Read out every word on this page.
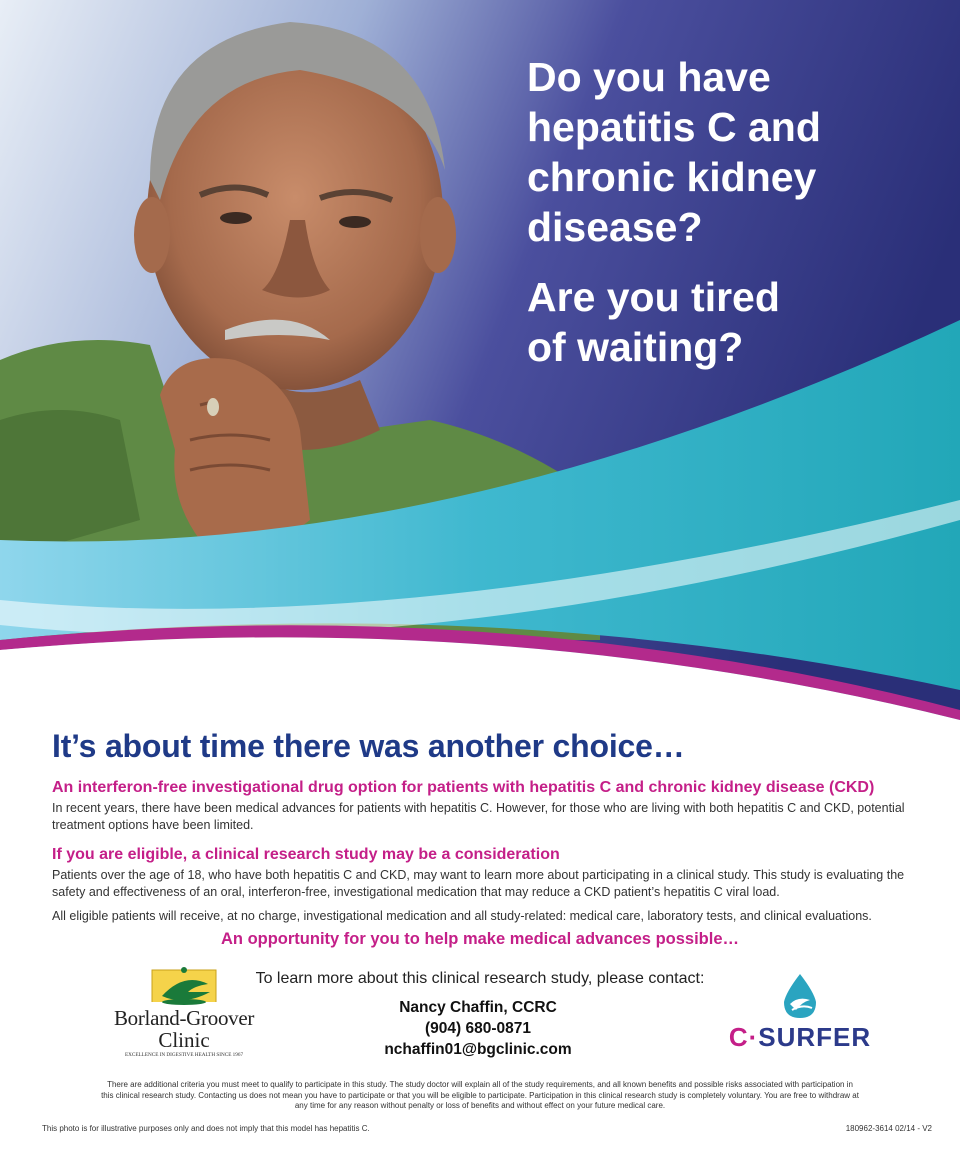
Do you have
hepatitis C and
chronic kidney
disease?

Are you tired
of waiting?

It’s about time there was another choice…

An interferon-free investigational drug option for patients with hepatitis C and chronic kidney disease (CKD)

In recent years, there have been medical advances for patients with hepatitis C. However, for those who are living with both hepatitis C and CKD, potential treatment options have been limited.

If you are eligible, a clinical research study may be a consideration

Patients over the age of 18, who have both hepatitis C and CKD, may want to learn more about participating in a clinical study. This study is evaluating the safety and effectiveness of an oral, interferon-free, investigational medication that may reduce a CKD patient’s hepatitis C viral load.

All eligible patients will receive, at no charge, investigational medication and all study-related: medical care, laboratory tests, and clinical evaluations.

An opportunity for you to help make medical advances possible…
To learn more about this clinical research study, please contact:
Nancy Chaffin, CCRC
(904) 680-0871
nchaffin01@bgclinic.com
Borland-Groover
Clinic
EXCELLENCE IN DIGESTIVE HEALTH SINCE 1967
C·SURFER
There are additional criteria you must meet to qualify to participate in this study. The study doctor will explain all of the study requirements, and all known benefits and possible risks associated with participation in this clinical research study. Contacting us does not mean you have to participate or that you will be eligible to participate. Participation in this clinical research study is completely voluntary. You are free to withdraw at any time for any reason without penalty or loss of benefits and without effect on your future medical care.
This photo is for illustrative purposes only and does not imply that this model has hepatitis C.	180962-3614 02/14 - V2
